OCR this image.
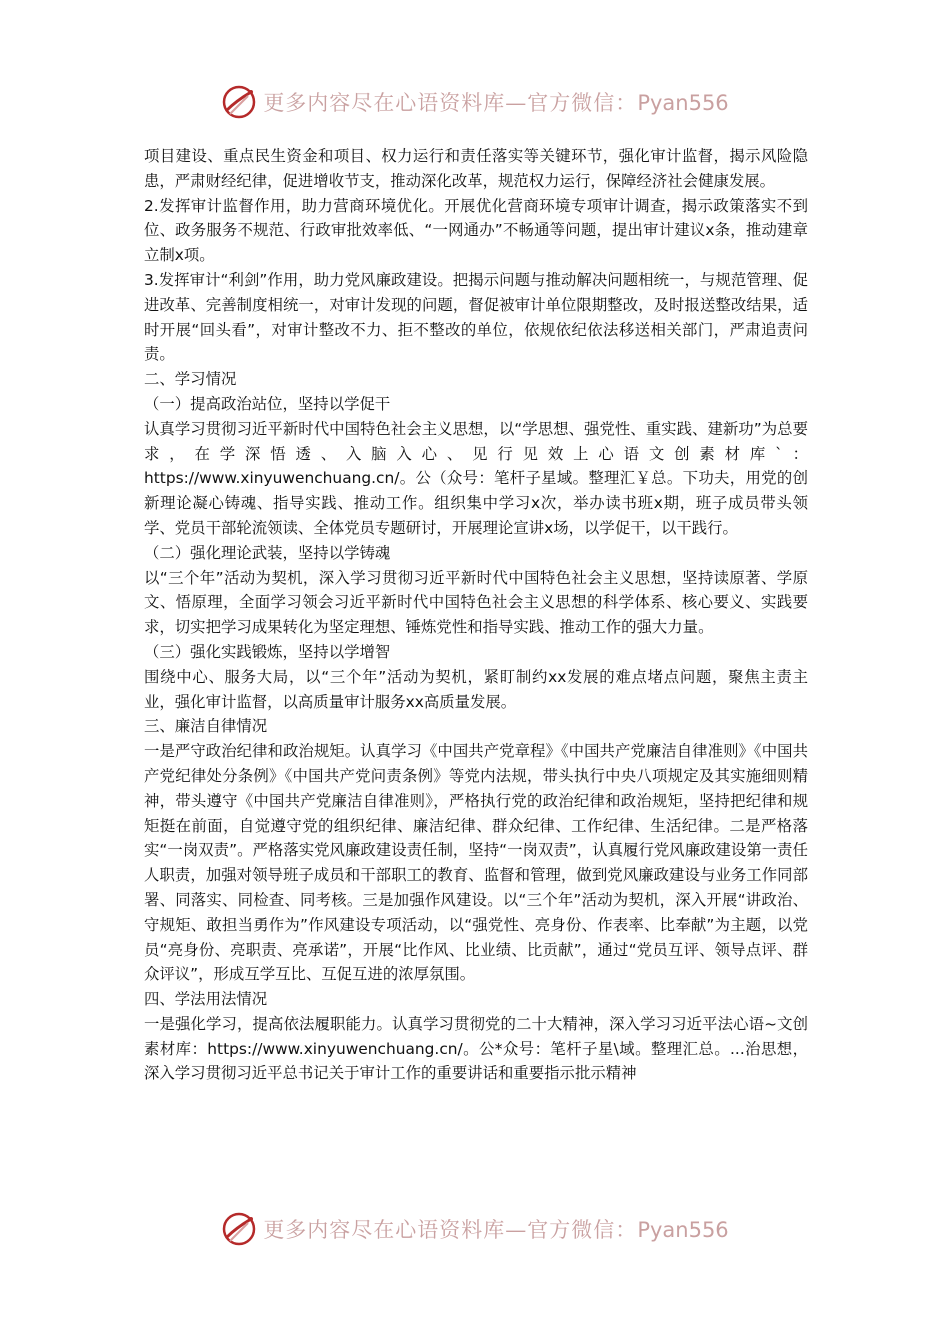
更多内容尽在心语资料库—官方微信：Pyan556

项目建设、重点民生资金和项目、权力运行和责任落实等关键环节，强化审计监督，揭示风险隐患，严肃财经纪律，促进增收节支，推动深化改革，规范权力运行，保障经济社会健康发展。

2.发挥审计监督作用，助力营商环境优化。开展优化营商环境专项审计调查，揭示政策落实不到位、政务服务不规范、行政审批效率低、“一网通办”不畅通等问题，提出审计建议x条，推动建章立制x项。

3.发挥审计“利剑”作用，助力党风廉政建设。把揭示问题与推动解决问题相统一，与规范管理、促进改革、完善制度相统一，对审计发现的问题，督促被审计单位限期整改，及时报送整改结果，适时开展“回头看”，对审计整改不力、拒不整改的单位，依规依纪依法移送相关部门，严肃追责问责。

二、学习情况

（一）提高政治站位，坚持以学促干

认真学习贯彻习近平新时代中国特色社会主义思想，以“学思想、强党性、重实践、建新功”为总要求，在学深悟透、入脑入心、见行见效上心语文创素材库`：https://www.xinyuwenchuang.cn/。公（众号：笔杆子星域。整理汇￥总。下功夫，用党的创新理论凝心铸魂、指导实践、推动工作。组织集中学习x次，举办读书班x期，班子成员带头领学、党员干部轮流领读、全体党员专题研讨，开展理论宣讲x场，以学促干，以干践行。

（二）强化理论武装，坚持以学铸魂

以“三个年”活动为契机，深入学习贯彻习近平新时代中国特色社会主义思想，坚持读原著、学原文、悟原理，全面学习领会习近平新时代中国特色社会主义思想的科学体系、核心要义、实践要求，切实把学习成果转化为坚定理想、锤炼党性和指导实践、推动工作的强大力量。

（三）强化实践锻炼，坚持以学增智

围绕中心、服务大局，以“三个年”活动为契机，紧盯制约xx发展的难点堵点问题，聚焦主责主业，强化审计监督，以高质量审计服务xx高质量发展。

三、廉洁自律情况

一是严守政治纪律和政治规矩。认真学习《中国共产党章程》《中国共产党廉洁自律准则》《中国共产党纪律处分条例》《中国共产党问责条例》等党内法规，带头执行中央八项规定及其实施细则精神，带头遵守《中国共产党廉洁自律准则》，严格执行党的政治纪律和政治规矩，坚持把纪律和规矩挺在前面，自觉遵守党的组织纪律、廉洁纪律、群众纪律、工作纪律、生活纪律。二是严格落实“一岗双责”。严格落实党风廉政建设责任制，坚持“一岗双责”，认真履行党风廉政建设第一责任人职责，加强对领导班子成员和干部职工的教育、监督和管理，做到党风廉政建设与业务工作同部署、同落实、同检查、同考核。三是加强作风建设。以“三个年”活动为契机，深入开展“讲政治、守规矩、敢担当勇作为”作风建设专项活动，以“强党性、亮身份、作表率、比奉献”为主题，以党员“亮身份、亮职责、亮承诺”，开展“比作风、比业绩、比贡献”，通过“党员互评、领导点评、群众评议”，形成互学互比、互促互进的浓厚氛围。

四、学法用法情况

一是强化学习，提高依法履职能力。认真学习贯彻党的二十大精神，深入学习习近平法心语~文创素材库：https://www.xinyuwenchuang.cn/。公*众号：笔杆子星\域。整理汇总。...治思想，深入学习贯彻习近平总书记关于审计工作的重要讲话和重要指示批示精神

更多内容尽在心语资料库—官方微信：Pyan556
